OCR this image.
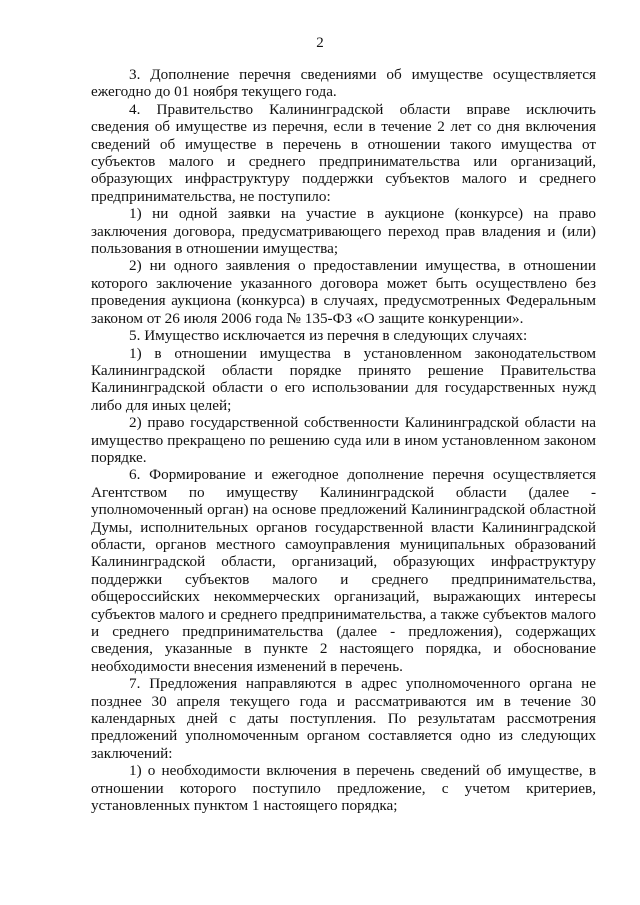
2

3. Дополнение перечня сведениями об имуществе осуществляется ежегодно до 01 ноября текущего года.

4. Правительство Калининградской области вправе исключить сведения об имуществе из перечня, если в течение 2 лет со дня включения сведений об имуществе в перечень в отношении такого имущества от субъектов малого и среднего предпринимательства или организаций, образующих инфраструктуру поддержки субъектов малого и среднего предпринимательства, не поступило:

1) ни одной заявки на участие в аукционе (конкурсе) на право заключения договора, предусматривающего переход прав владения и (или) пользования в отношении имущества;

2) ни одного заявления о предоставлении имущества, в отношении которого заключение указанного договора может быть осуществлено без проведения аукциона (конкурса) в случаях, предусмотренных Федеральным законом от 26 июля 2006 года № 135-ФЗ «О защите конкуренции».

5. Имущество исключается из перечня в следующих случаях:

1) в отношении имущества в установленном законодательством Калининградской области порядке принято решение Правительства Калининградской области о его использовании для государственных нужд либо для иных целей;

2) право государственной собственности Калининградской области на имущество прекращено по решению суда или в ином установленном законом порядке.

6. Формирование и ежегодное дополнение перечня осуществляется Агентством по имуществу Калининградской области (далее - уполномоченный орган) на основе предложений Калининградской областной Думы, исполнительных органов государственной власти Калининградской области, органов местного самоуправления муниципальных образований Калининградской области, организаций, образующих инфраструктуру поддержки субъектов малого и среднего предпринимательства, общероссийских некоммерческих организаций, выражающих интересы субъектов малого и среднего предпринимательства, а также субъектов малого и среднего предпринимательства (далее - предложения), содержащих сведения, указанные в пункте 2 настоящего порядка, и обоснование необходимости внесения изменений в перечень.

7. Предложения направляются в адрес уполномоченного органа не позднее 30 апреля текущего года и рассматриваются им в течение 30 календарных дней с даты поступления. По результатам рассмотрения предложений уполномоченным органом составляется одно из следующих заключений:

1) о необходимости включения в перечень сведений об имуществе, в отношении которого поступило предложение, с учетом критериев, установленных пунктом 1 настоящего порядка;
